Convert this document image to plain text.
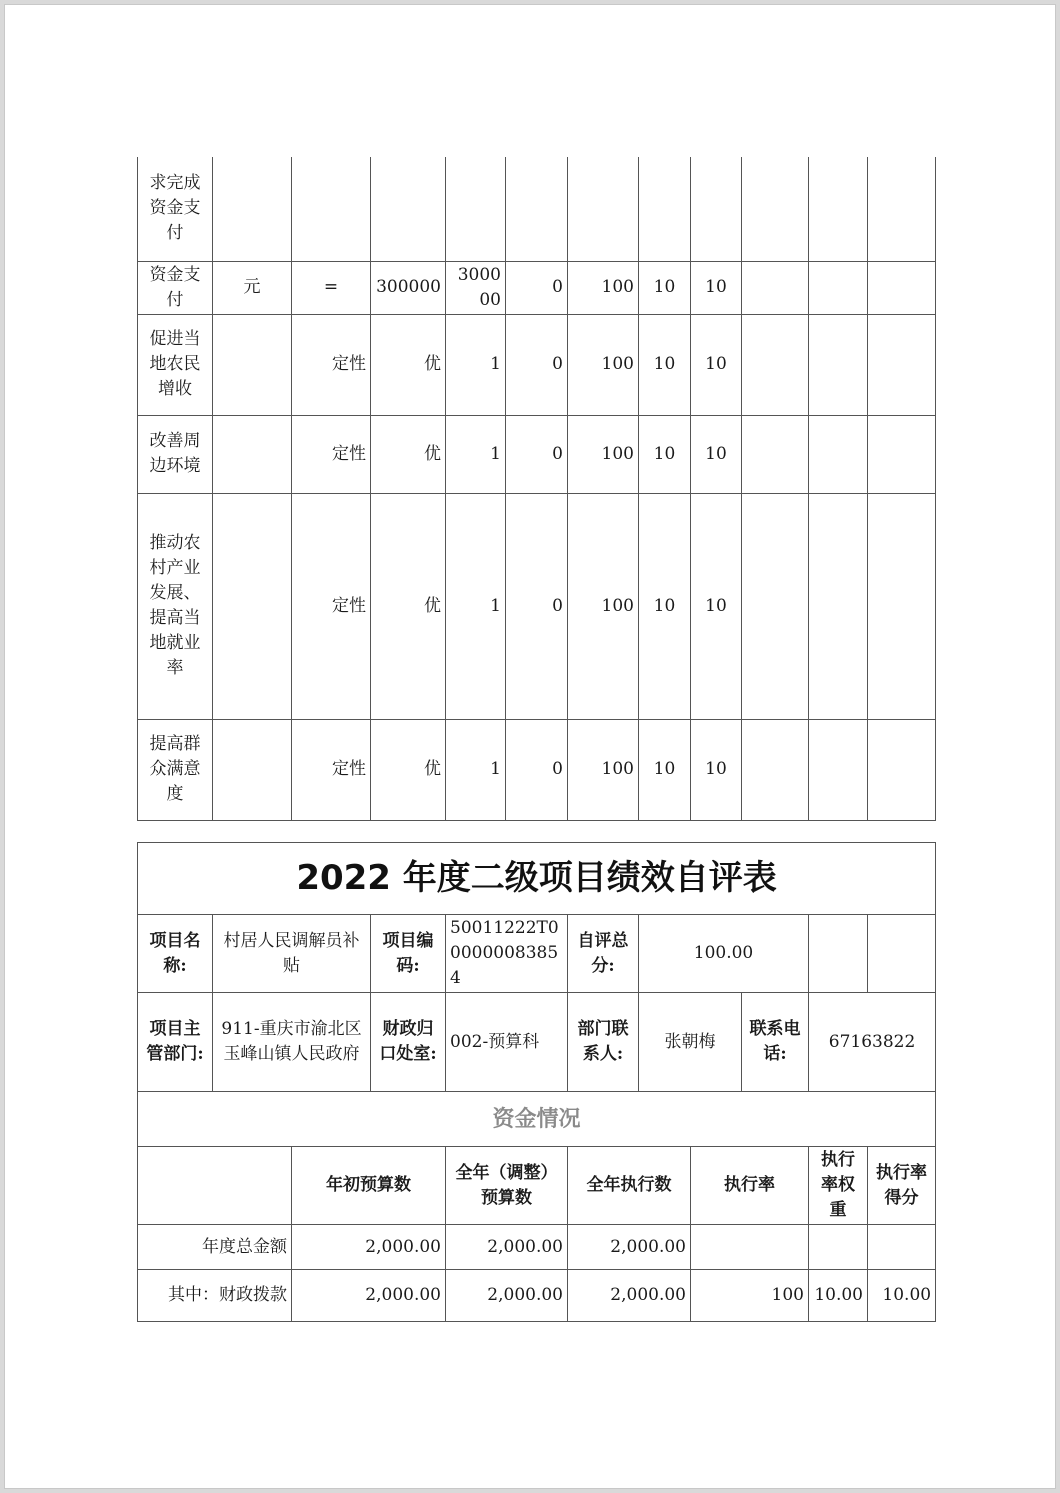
求完成资金支付											
资金支付	元	=	300000	300000	0	100	10	10			
促进当地农民增收		定性	优	1	0	100	10	10			
改善周边环境		定性	优	1	0	100	10	10			
推动农村产业发展、提高当地就业率		定性	优	1	0	100	10	10			
提高群众满意度		定性	优	1	0	100	10	10			
2022 年度二级项目绩效自评表										
项目名称:	村居人民调解员补贴		项目编码:	50011222T000000083854	自评总分:	100.00				
项目主管部门:	911-重庆市渝北区玉峰山镇人民政府		财政归口处室:	002-预算科	部门联系人:	张朝梅		联系电话:	67163822	
资金情况										
		年初预算数		全年（调整）预算数	全年执行数		执行率		执行率权重	执行率得分
年度总金额		2,000.00		2,000.00	2,000.00					
其中：财政拨款		2,000.00		2,000.00	2,000.00		100		10.00	10.00
